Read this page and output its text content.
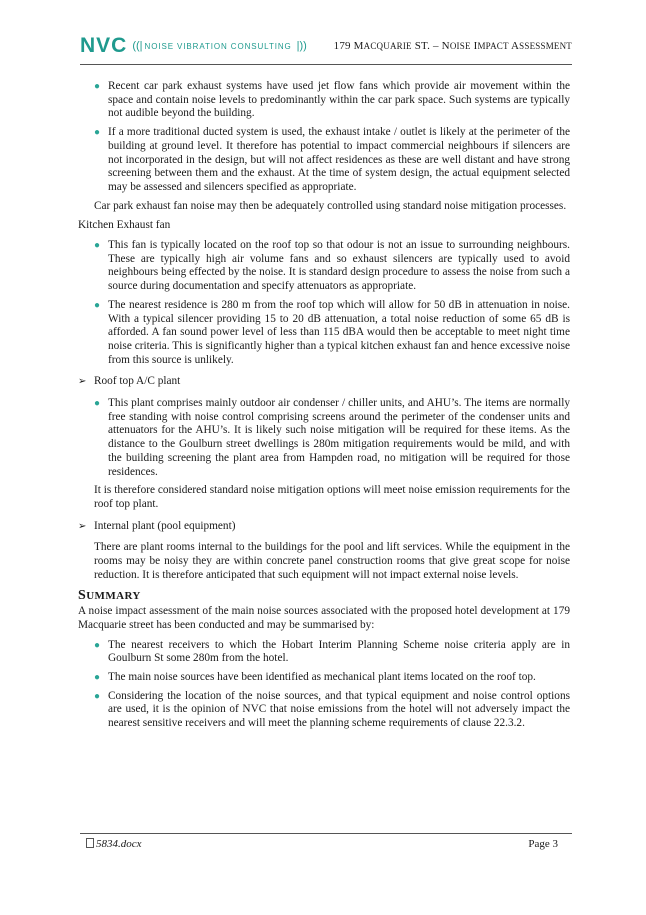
NVC ((| NOISE VIBRATION CONSULTING |)) 179 MACQUARIE ST. – NOISE IMPACT ASSESSMENT
● Recent car park exhaust systems have used jet flow fans which provide air movement within the space and contain noise levels to predominantly within the car park space. Such systems are typically not audible beyond the building.
● If a more traditional ducted system is used, the exhaust intake / outlet is likely at the perimeter of the building at ground level. It therefore has potential to impact commercial neighbours if silencers are not incorporated in the design, but will not affect residences as these are well distant and have strong screening between them and the exhaust. At the time of system design, the actual equipment selected may be assessed and silencers specified as appropriate.

Car park exhaust fan noise may then be adequately controlled using standard noise mitigation processes.

Kitchen Exhaust fan
● This fan is typically located on the roof top so that odour is not an issue to surrounding neighbours. These are typically high air volume fans and so exhaust silencers are typically used to avoid neighbours being effected by the noise. It is standard design procedure to assess the noise from such a source during documentation and specify attenuators as appropriate.
● The nearest residence is 280 m from the roof top which will allow for 50 dB in attenuation in noise. With a typical silencer providing 15 to 20 dB attenuation, a total noise reduction of some 65 dB is afforded. A fan sound power level of less than 115 dBA would then be acceptable to meet night time noise criteria. This is significantly higher than a typical kitchen exhaust fan and hence excessive noise from this source is unlikely.
➢ Roof top A/C plant
● This plant comprises mainly outdoor air condenser / chiller units, and AHU’s. The items are normally free standing with noise control comprising screens around the perimeter of the condenser units and attenuators for the AHU’s. It is likely such noise mitigation will be required for these items. As the distance to the Goulburn street dwellings is 280m mitigation requirements would be mild, and with the building screening the plant area from Hampden road, no mitigation will be required for those residences.

It is therefore considered standard noise mitigation options will meet noise emission requirements for the roof top plant.

➢ Internal plant (pool equipment)

There are plant rooms internal to the buildings for the pool and lift services. While the equipment in the rooms may be noisy they are within concrete panel construction rooms that give great scope for noise reduction. It is therefore anticipated that such equipment will not impact external noise levels.

SUMMARY

A noise impact assessment of the main noise sources associated with the proposed hotel development at 179 Macquarie street has been conducted and may be summarised by:

● The nearest receivers to which the Hobart Interim Planning Scheme noise criteria apply are in Goulburn St some 280m from the hotel.
● The main noise sources have been identified as mechanical plant items located on the roof top.
● Considering the location of the noise sources, and that typical equipment and noise control options are used, it is the opinion of NVC that noise emissions from the hotel will not adversely impact the nearest sensitive receivers and will meet the planning scheme requirements of clause 22.3.2.
5834.docx	Page 3
